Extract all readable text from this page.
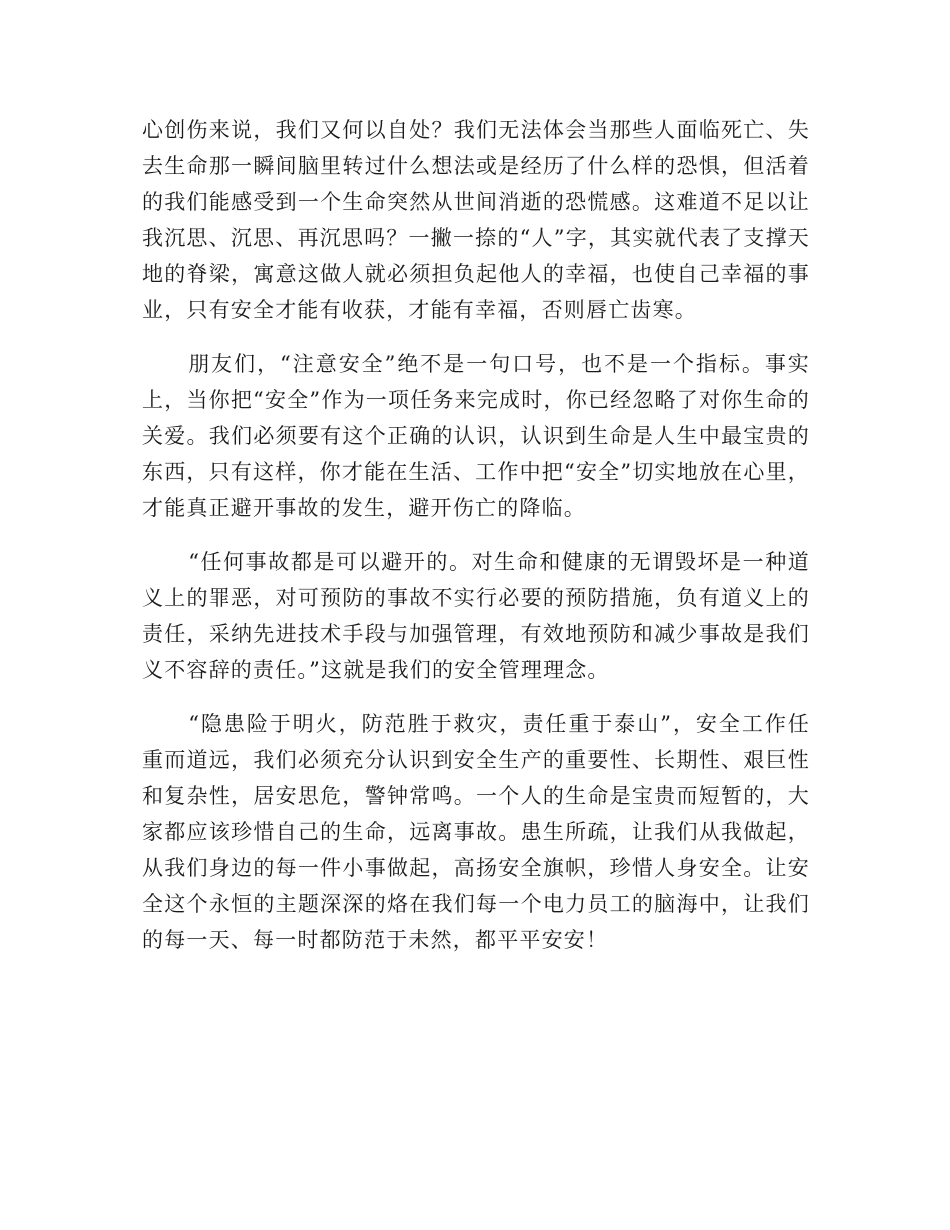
心创伤来说，我们又何以自处？我们无法体会当那些人面临死亡、失去生命那一瞬间脑里转过什么想法或是经历了什么样的恐惧，但活着的我们能感受到一个生命突然从世间消逝的恐慌感。这难道不足以让我沉思、沉思、再沉思吗？一撇一捺的“人”字，其实就代表了支撑天地的脊梁，寓意这做人就必须担负起他人的幸福，也使自己幸福的事业，只有安全才能有收获，才能有幸福，否则唇亡齿寒。

朋友们，“注意安全”绝不是一句口号，也不是一个指标。事实上，当你把“安全”作为一项任务来完成时，你已经忽略了对你生命的关爱。我们必须要有这个正确的认识，认识到生命是人生中最宝贵的东西，只有这样，你才能在生活、工作中把“安全”切实地放在心里，才能真正避开事故的发生，避开伤亡的降临。

“任何事故都是可以避开的。对生命和健康的无谓毁坏是一种道义上的罪恶，对可预防的事故不实行必要的预防措施，负有道义上的责任，采纳先进技术手段与加强管理，有效地预防和减少事故是我们义不容辞的责任。”这就是我们的安全管理理念。

“隐患险于明火，防范胜于救灾，责任重于泰山”，安全工作任重而道远，我们必须充分认识到安全生产的重要性、长期性、艰巨性和复杂性，居安思危，警钟常鸣。一个人的生命是宝贵而短暂的，大家都应该珍惜自己的生命，远离事故。患生所疏，让我们从我做起，从我们身边的每一件小事做起，高扬安全旗帜，珍惜人身安全。让安全这个永恒的主题深深的烙在我们每一个电力员工的脑海中，让我们的每一天、每一时都防范于未然，都平平安安！
